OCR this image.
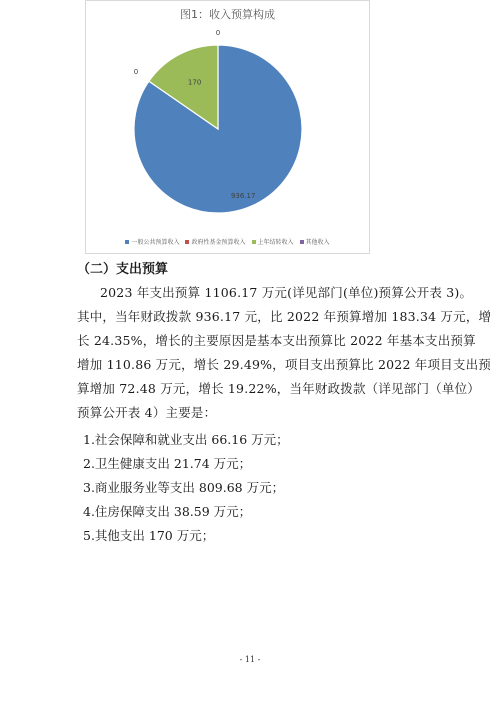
图1：收入预算构成
936.17
0
170
0
一般公共预算收入 政府性基金预算收入 上年结转收入 其他收入
（二）支出预算
2023 年支出预算 1106.17 万元(详见部门(单位)预算公开表 3)。
其中，当年财政拨款 936.17 元，比 2022 年预算增加 183.34 万元，增
长 24.35%，增长的主要原因是基本支出预算比 2022 年基本支出预算
增加 110.86 万元，增长 29.49%，项目支出预算比 2022 年项目支出预
算增加 72.48 万元，增长 19.22%，当年财政拨款（详见部门（单位）
预算公开表 4）主要是：
1.社会保障和就业支出 66.16 万元；
2.卫生健康支出 21.74 万元；
3.商业服务业等支出 809.68 万元；
4.住房保障支出 38.59 万元；
5.其他支出 170 万元；
- 11 -
